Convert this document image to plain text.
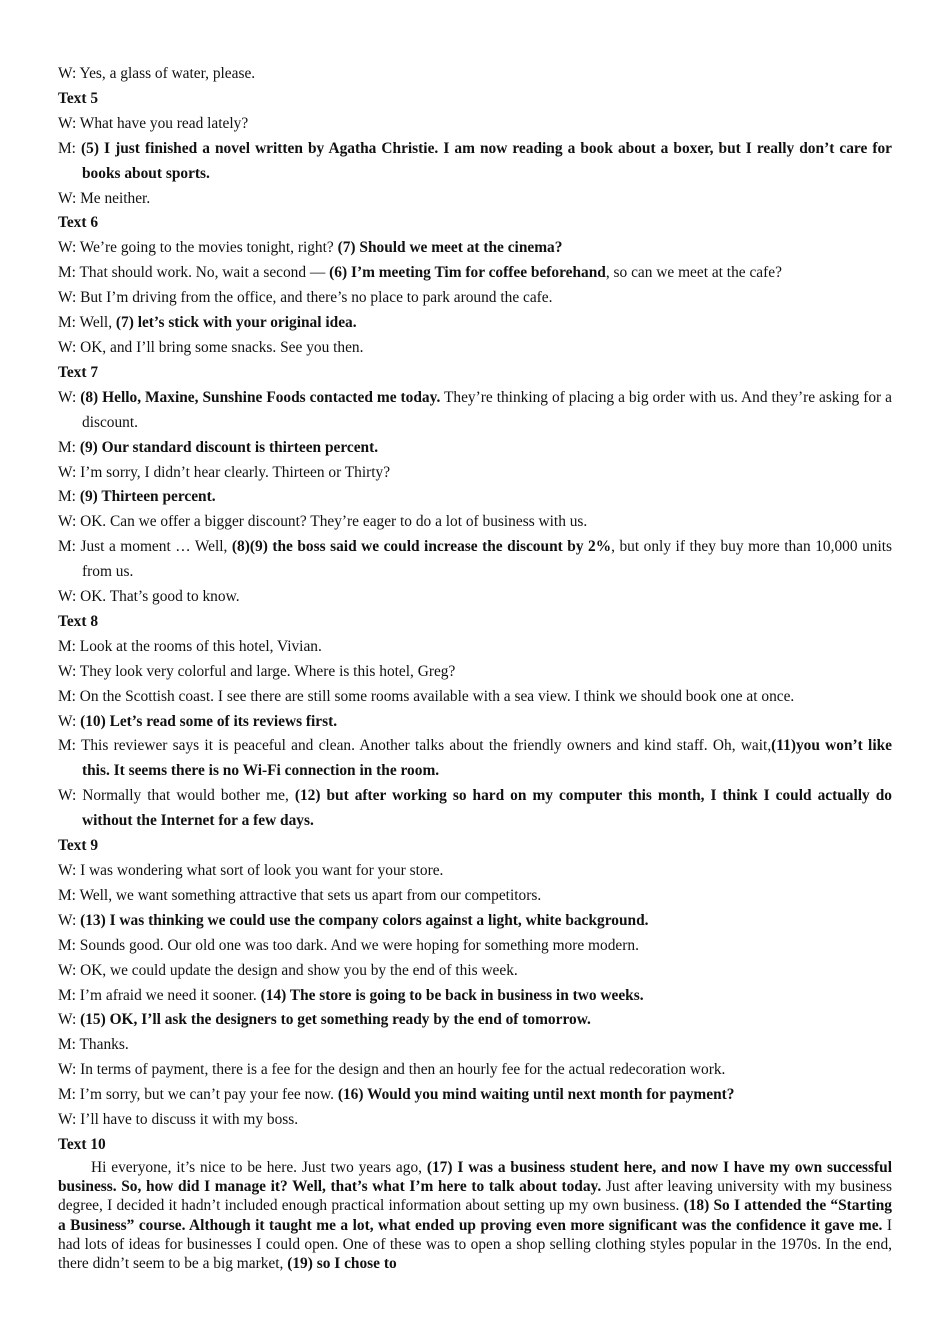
W: Yes, a glass of water, please.

Text 5

W: What have you read lately?

M: (5) I just finished a novel written by Agatha Christie. I am now reading a book about a boxer, but I really don’t care for books about sports.

W: Me neither.

Text 6

W: We’re going to the movies tonight, right? (7) Should we meet at the cinema?

M: That should work. No, wait a second — (6) I’m meeting Tim for coffee beforehand, so can we meet at the cafe?

W: But I’m driving from the office, and there’s no place to park around the cafe.

M: Well, (7) let’s stick with your original idea.

W: OK, and I’ll bring some snacks. See you then.

Text 7

W: (8) Hello, Maxine, Sunshine Foods contacted me today. They’re thinking of placing a big order with us. And they’re asking for a discount.

M: (9) Our standard discount is thirteen percent.

W: I’m sorry, I didn’t hear clearly. Thirteen or Thirty?

M: (9) Thirteen percent.

W: OK. Can we offer a bigger discount? They’re eager to do a lot of business with us.

M: Just a moment … Well, (8)(9) the boss said we could increase the discount by 2%, but only if they buy more than 10,000 units from us.

W: OK. That’s good to know.

Text 8

M: Look at the rooms of this hotel, Vivian.

W: They look very colorful and large. Where is this hotel, Greg?

M: On the Scottish coast. I see there are still some rooms available with a sea view. I think we should book one at once.

W: (10) Let’s read some of its reviews first.

M: This reviewer says it is peaceful and clean. Another talks about the friendly owners and kind staff. Oh, wait,(11)you won’t like this. It seems there is no Wi-Fi connection in the room.

W: Normally that would bother me, (12) but after working so hard on my computer this month, I think I could actually do without the Internet for a few days.

Text 9

W: I was wondering what sort of look you want for your store.

M: Well, we want something attractive that sets us apart from our competitors.

W: (13) I was thinking we could use the company colors against a light, white background.

M: Sounds good. Our old one was too dark. And we were hoping for something more modern.

W: OK, we could update the design and show you by the end of this week.

M: I’m afraid we need it sooner. (14) The store is going to be back in business in two weeks.

W: (15) OK, I’ll ask the designers to get something ready by the end of tomorrow.

M: Thanks.

W: In terms of payment, there is a fee for the design and then an hourly fee for the actual redecoration work.

M: I’m sorry, but we can’t pay your fee now. (16) Would you mind waiting until next month for payment?

W: I’ll have to discuss it with my boss.

Text 10

Hi everyone, it’s nice to be here. Just two years ago, (17) I was a business student here, and now I have my own successful business. So, how did I manage it? Well, that’s what I’m here to talk about today. Just after leaving university with my business degree, I decided it hadn’t included enough practical information about setting up my own business. (18) So I attended the “Starting a Business” course. Although it taught me a lot, what ended up proving even more significant was the confidence it gave me. I had lots of ideas for businesses I could open. One of these was to open a shop selling clothing styles popular in the 1970s. In the end, there didn’t seem to be a big market, (19) so I chose to
